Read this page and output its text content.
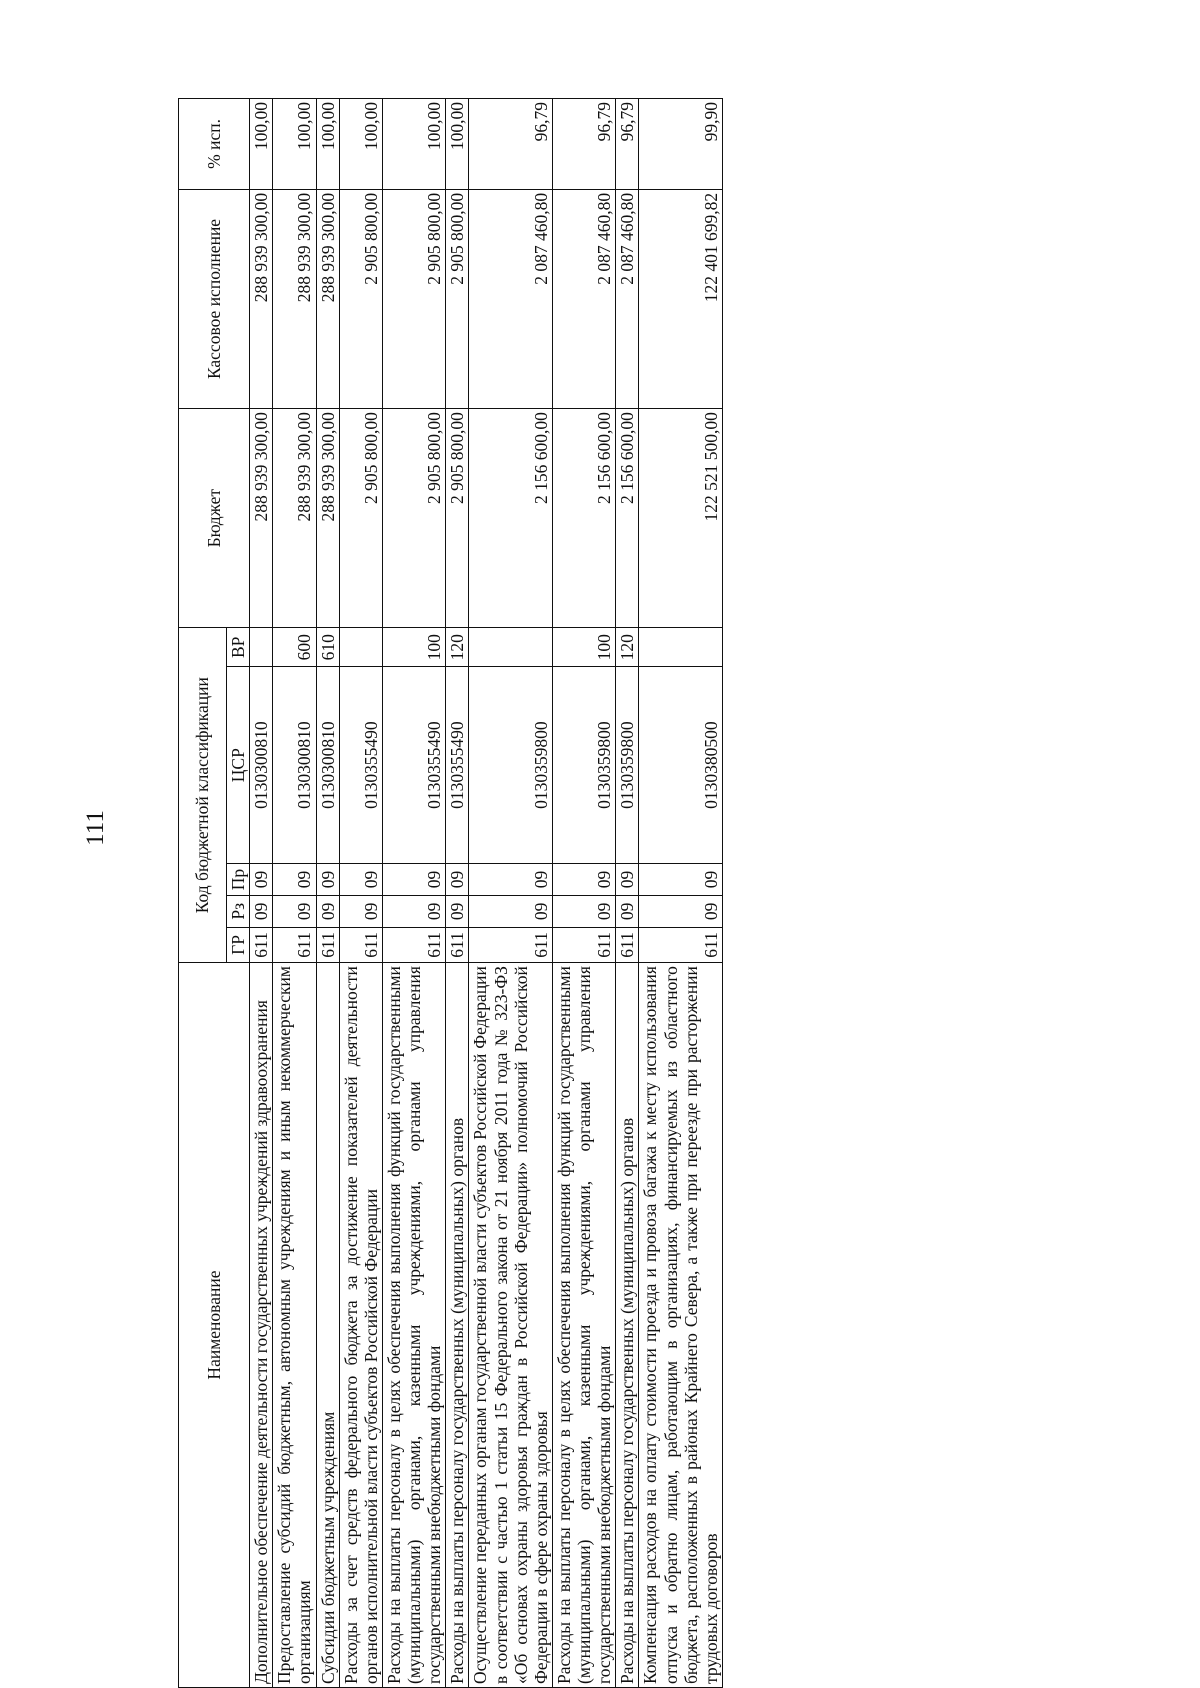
111
Наименование	Код бюджетной классификации					Бюджет	Кассовое исполнение	% исп.
	ГР	Рз	Пр	ЦСР	ВР			
Дополнительное обеспечение деятельности государственных учреждений здравоохранения	611	09	09	0130300810		288 939 300,00	288 939 300,00	100,00
Предоставление субсидий бюджетным, автономным учреждениям и иным некоммерческим организациям	611	09	09	0130300810	600	288 939 300,00	288 939 300,00	100,00
Субсидии бюджетным учреждениям	611	09	09	0130300810	610	288 939 300,00	288 939 300,00	100,00
Расходы за счет средств федерального бюджета за достижение показателей деятельности органов исполнительной власти субъектов Российской Федерации	611	09	09	0130355490		2 905 800,00	2 905 800,00	100,00
Расходы на выплаты персоналу в целях обеспечения выполнения функций государственными (муниципальными) органами, казенными учреждениями, органами управления государственными внебюджетными фондами	611	09	09	0130355490	100	2 905 800,00	2 905 800,00	100,00
Расходы на выплаты персоналу государственных (муниципальных) органов	611	09	09	0130355490	120	2 905 800,00	2 905 800,00	100,00
Осуществление переданных органам государственной власти субъектов Российской Федерации в соответствии с частью 1 статьи 15 Федерального закона от 21 ноября 2011 года № 323-ФЗ «Об основах охраны здоровья граждан в Российской Федерации» полномочий Российской Федерации в сфере охраны здоровья	611	09	09	0130359800		2 156 600,00	2 087 460,80	96,79
Расходы на выплаты персоналу в целях обеспечения выполнения функций государственными (муниципальными) органами, казенными учреждениями, органами управления государственными внебюджетными фондами	611	09	09	0130359800	100	2 156 600,00	2 087 460,80	96,79
Расходы на выплаты персоналу государственных (муниципальных) органов	611	09	09	0130359800	120	2 156 600,00	2 087 460,80	96,79
Компенсация расходов на оплату стоимости проезда и провоза багажа к месту использования отпуска и обратно лицам, работающим в организациях, финансируемых из областного бюджета, расположенных в районах Крайнего Севера, а также при переезде при расторжении трудовых договоров	611	09	09	0130380500		122 521 500,00	122 401 699,82	99,90
